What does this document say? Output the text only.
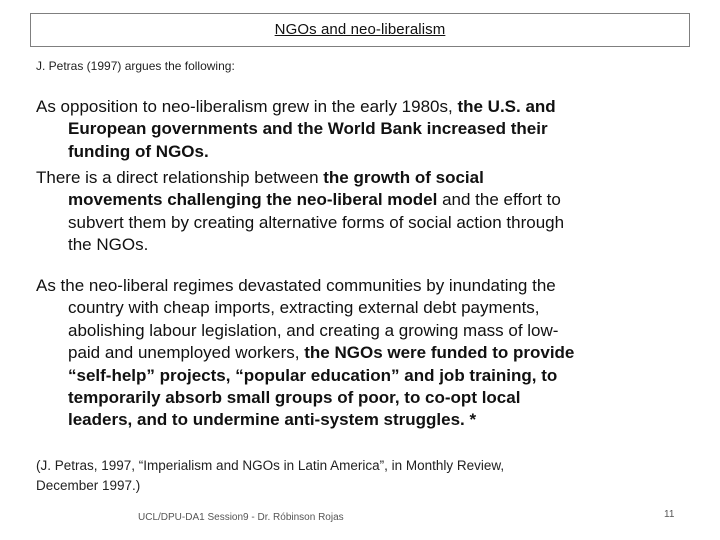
NGOs and neo-liberalism
J. Petras (1997) argues the following:
As opposition to neo-liberalism grew in the early 1980s, the U.S. and
European governments and the World Bank increased their
funding of NGOs.
There is a direct relationship between the growth of social
movements challenging the neo-liberal model and the effort to
subvert them by creating alternative forms of social action through
the NGOs.
As the neo-liberal regimes devastated communities by inundating the
country with cheap imports, extracting external debt payments,
abolishing labour legislation, and creating a growing mass of low-
paid and unemployed workers, the NGOs were funded to provide
“self-help” projects, “popular education” and job training, to
temporarily absorb small groups of poor, to co-opt local
leaders, and to undermine anti-system struggles. *
(J. Petras, 1997, “Imperialism and NGOs in Latin America”, in Monthly Review,
December 1997.)
UCL/DPU-DA1 Session9 - Dr. Róbinson Rojas	11
